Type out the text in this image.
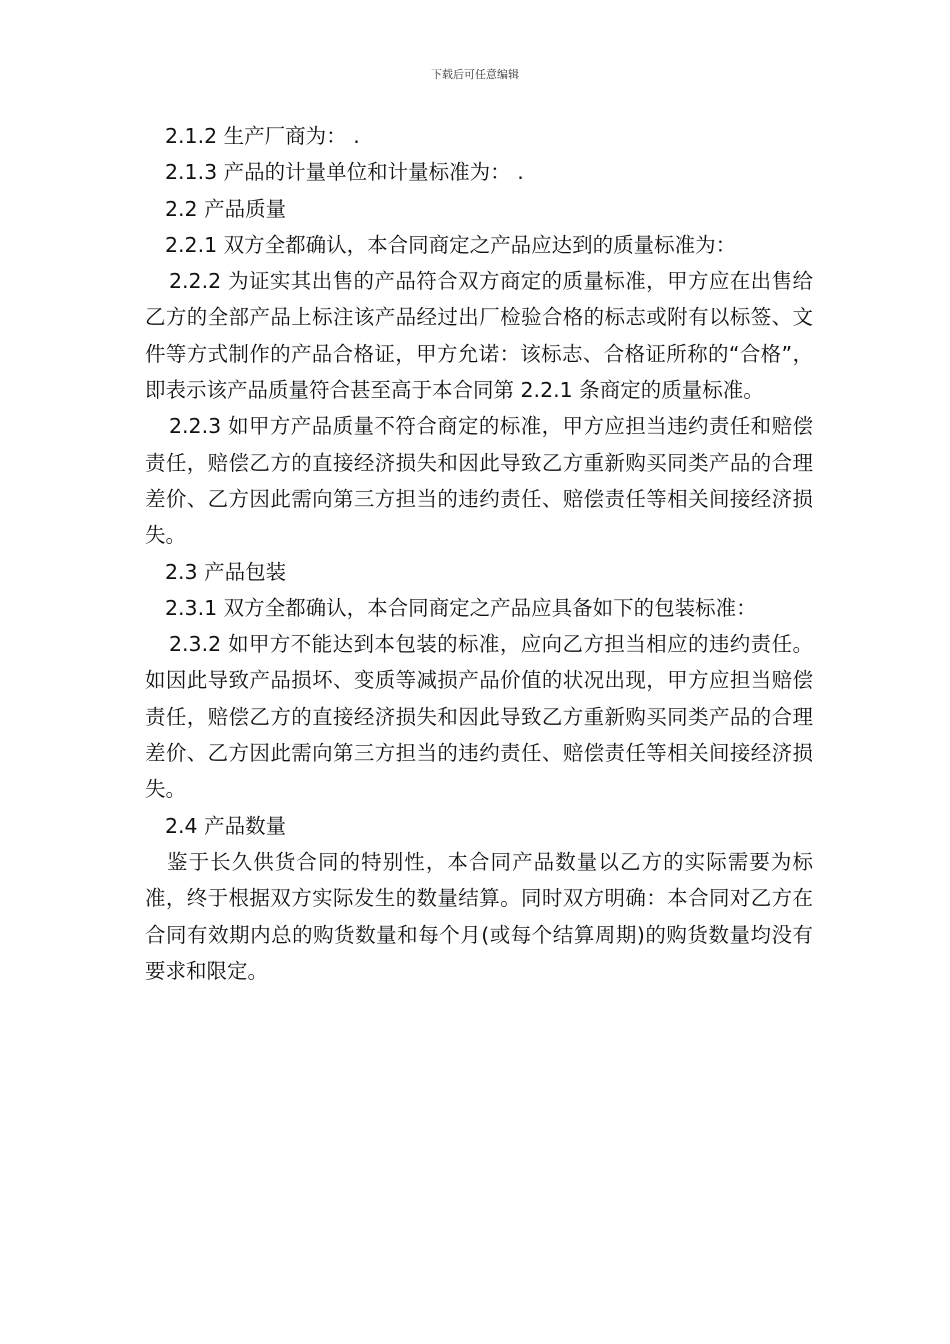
下载后可任意编辑

2.1.2 生产厂商为： .

2.1.3 产品的计量单位和计量标准为： .

2.2 产品质量

2.2.1 双方全都确认，本合同商定之产品应达到的质量标准为：

2.2.2 为证实其出售的产品符合双方商定的质量标准，甲方应在出售给乙方的全部产品上标注该产品经过出厂检验合格的标志或附有以标签、文件等方式制作的产品合格证，甲方允诺：该标志、合格证所称的“合格”，即表示该产品质量符合甚至高于本合同第 2.2.1 条商定的质量标准。

2.2.3 如甲方产品质量不符合商定的标准，甲方应担当违约责任和赔偿责任，赔偿乙方的直接经济损失和因此导致乙方重新购买同类产品的合理差价、乙方因此需向第三方担当的违约责任、赔偿责任等相关间接经济损失。

2.3 产品包装

2.3.1 双方全都确认，本合同商定之产品应具备如下的包装标准：

2.3.2 如甲方不能达到本包装的标准，应向乙方担当相应的违约责任。如因此导致产品损坏、变质等减损产品价值的状况出现，甲方应担当赔偿责任，赔偿乙方的直接经济损失和因此导致乙方重新购买同类产品的合理差价、乙方因此需向第三方担当的违约责任、赔偿责任等相关间接经济损失。

2.4 产品数量

鉴于长久供货合同的特别性，本合同产品数量以乙方的实际需要为标准，终于根据双方实际发生的数量结算。同时双方明确：本合同对乙方在合同有效期内总的购货数量和每个月(或每个结算周期)的购货数量均没有要求和限定。
